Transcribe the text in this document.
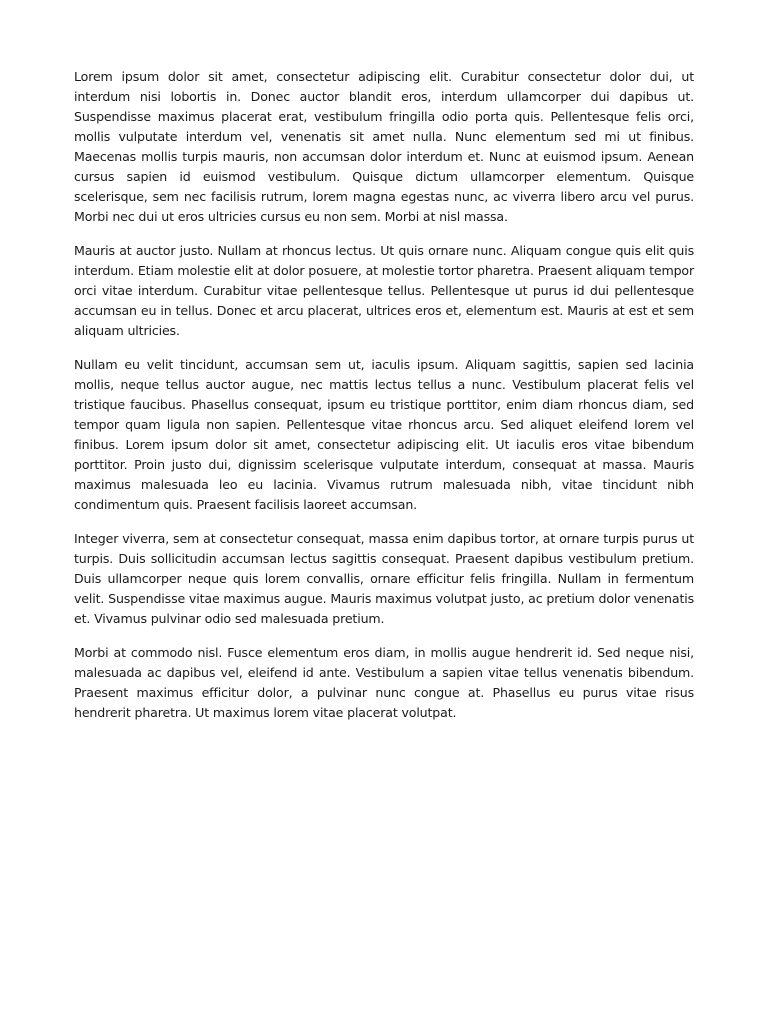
Lorem ipsum dolor sit amet, consectetur adipiscing elit. Curabitur consectetur dolor dui, ut interdum nisi lobortis in. Donec auctor blandit eros, interdum ullamcorper dui dapibus ut. Suspendisse maximus placerat erat, vestibulum fringilla odio porta quis. Pellentesque felis orci, mollis vulputate interdum vel, venenatis sit amet nulla. Nunc elementum sed mi ut finibus. Maecenas mollis turpis mauris, non accumsan dolor interdum et. Nunc at euismod ipsum. Aenean cursus sapien id euismod vestibulum. Quisque dictum ullamcorper elementum. Quisque scelerisque, sem nec facilisis rutrum, lorem magna egestas nunc, ac viverra libero arcu vel purus. Morbi nec dui ut eros ultricies cursus eu non sem. Morbi at nisl massa.

Mauris at auctor justo. Nullam at rhoncus lectus. Ut quis ornare nunc. Aliquam congue quis elit quis interdum. Etiam molestie elit at dolor posuere, at molestie tortor pharetra. Praesent aliquam tempor orci vitae interdum. Curabitur vitae pellentesque tellus. Pellentesque ut purus id dui pellentesque accumsan eu in tellus. Donec et arcu placerat, ultrices eros et, elementum est. Mauris at est et sem aliquam ultricies.

Nullam eu velit tincidunt, accumsan sem ut, iaculis ipsum. Aliquam sagittis, sapien sed lacinia mollis, neque tellus auctor augue, nec mattis lectus tellus a nunc. Vestibulum placerat felis vel tristique faucibus. Phasellus consequat, ipsum eu tristique porttitor, enim diam rhoncus diam, sed tempor quam ligula non sapien. Pellentesque vitae rhoncus arcu. Sed aliquet eleifend lorem vel finibus. Lorem ipsum dolor sit amet, consectetur adipiscing elit. Ut iaculis eros vitae bibendum porttitor. Proin justo dui, dignissim scelerisque vulputate interdum, consequat at massa. Mauris maximus malesuada leo eu lacinia. Vivamus rutrum malesuada nibh, vitae tincidunt nibh condimentum quis. Praesent facilisis laoreet accumsan.

Integer viverra, sem at consectetur consequat, massa enim dapibus tortor, at ornare turpis purus ut turpis. Duis sollicitudin accumsan lectus sagittis consequat. Praesent dapibus vestibulum pretium. Duis ullamcorper neque quis lorem convallis, ornare efficitur felis fringilla. Nullam in fermentum velit. Suspendisse vitae maximus augue. Mauris maximus volutpat justo, ac pretium dolor venenatis et. Vivamus pulvinar odio sed malesuada pretium.

Morbi at commodo nisl. Fusce elementum eros diam, in mollis augue hendrerit id. Sed neque nisi, malesuada ac dapibus vel, eleifend id ante. Vestibulum a sapien vitae tellus venenatis bibendum. Praesent maximus efficitur dolor, a pulvinar nunc congue at. Phasellus eu purus vitae risus hendrerit pharetra. Ut maximus lorem vitae placerat volutpat.
